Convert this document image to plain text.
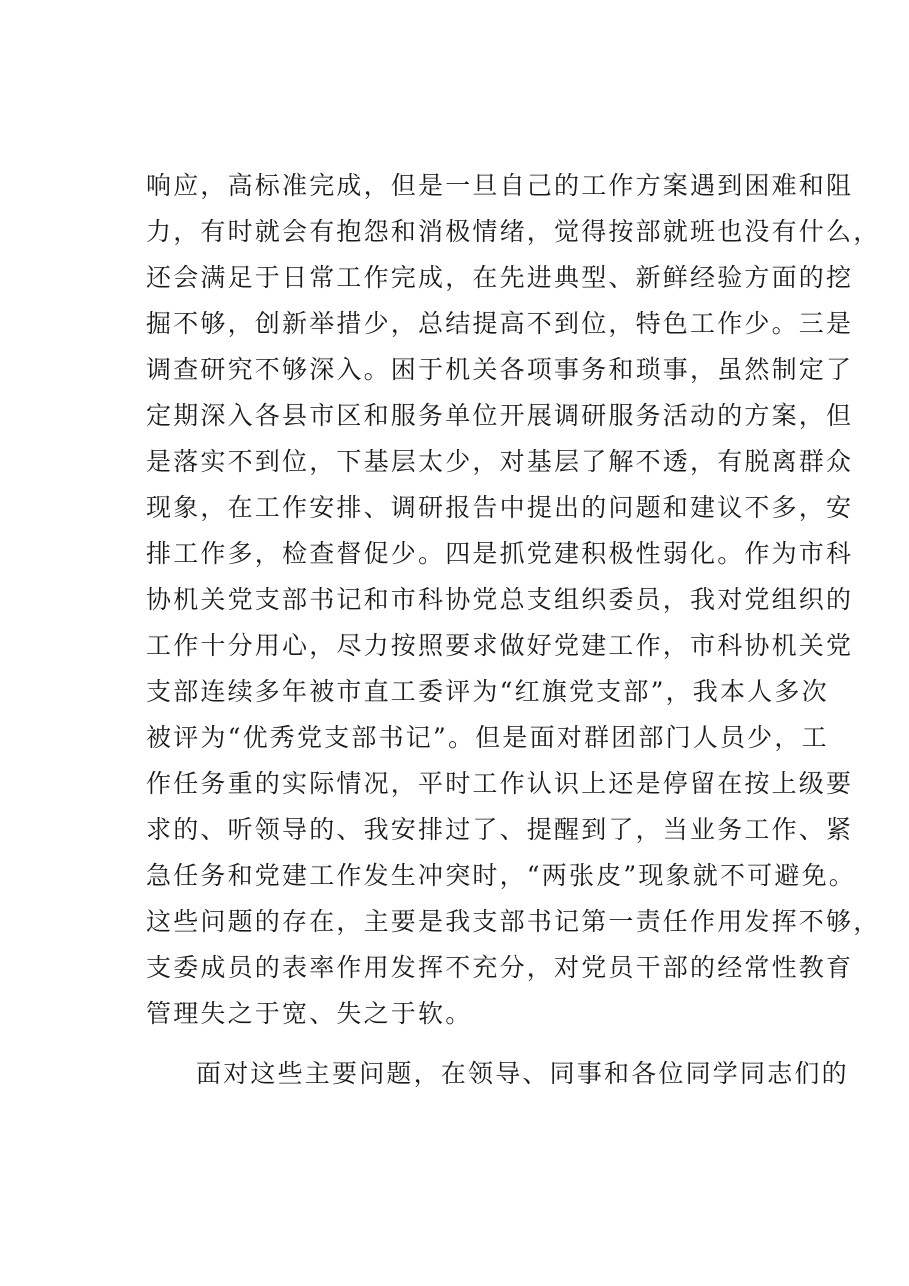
响应，高标准完成，但是一旦自己的工作方案遇到困难和阻
力，有时就会有抱怨和消极情绪，觉得按部就班也没有什么，
还会满足于日常工作完成，在先进典型、新鲜经验方面的挖
掘不够，创新举措少，总结提高不到位，特色工作少。三是
调查研究不够深入。困于机关各项事务和琐事，虽然制定了
定期深入各县市区和服务单位开展调研服务活动的方案，但
是落实不到位，下基层太少，对基层了解不透，有脱离群众
现象，在工作安排、调研报告中提出的问题和建议不多，安
排工作多，检查督促少。四是抓党建积极性弱化。作为市科
协机关党支部书记和市科协党总支组织委员，我对党组织的
工作十分用心，尽力按照要求做好党建工作，市科协机关党
支部连续多年被市直工委评为“红旗党支部”，我本人多次
被评为“优秀党支部书记”。但是面对群团部门人员少，工
作任务重的实际情况，平时工作认识上还是停留在按上级要
求的、听领导的、我安排过了、提醒到了，当业务工作、紧
急任务和党建工作发生冲突时，“两张皮”现象就不可避免。
这些问题的存在，主要是我支部书记第一责任作用发挥不够，
支委成员的表率作用发挥不充分，对党员干部的经常性教育
管理失之于宽、失之于软。
面对这些主要问题，在领导、同事和各位同学同志们的
